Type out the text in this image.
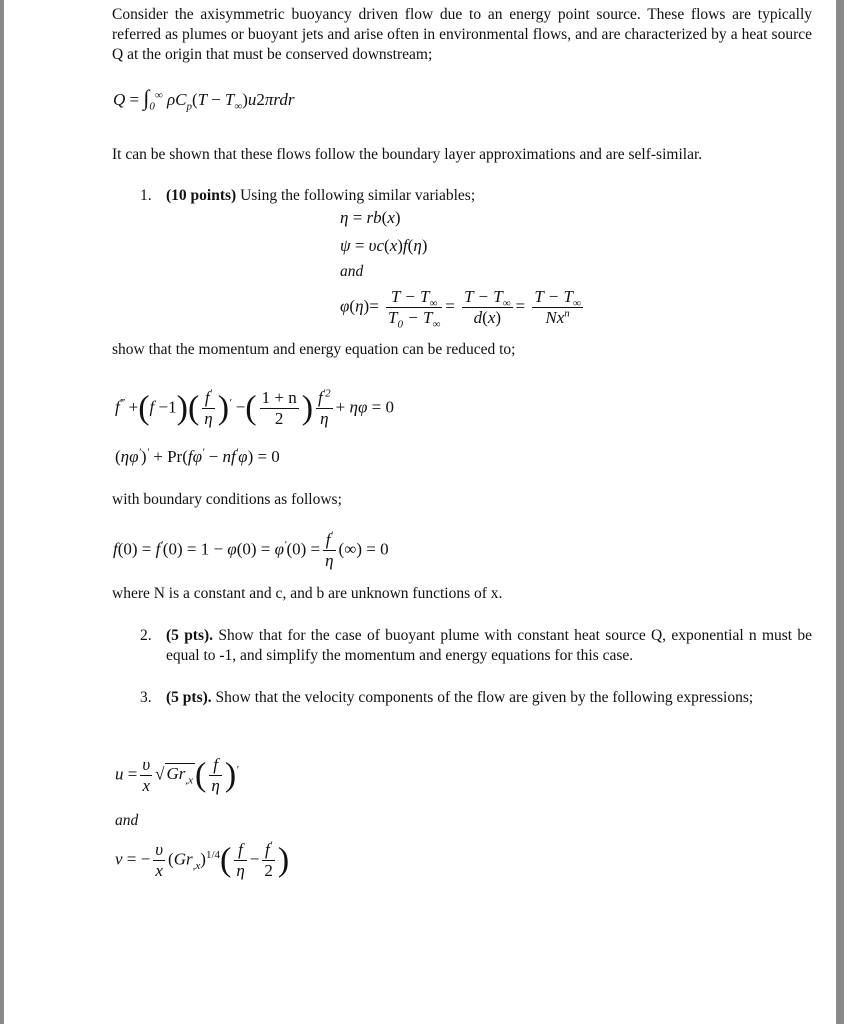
Consider the axisymmetric buoyancy driven flow due to an energy point source. These flows are typically referred as plumes or buoyant jets and arise often in environmental flows, and are characterized by a heat source Q at the origin that must be conserved downstream;
$Q = \int_0^\infty$ $\rho C_p(T - T_\infty)u2\pi rdr$
It can be shown that these flows follow the boundary layer approximations and are self-similar.
1. (10 points) Using the following similar variables;
η = rb(x)
ψ = υc(x)f(η)
and
$\varphi(\eta)= \frac{T - T_\infty}{T_0 - T_\infty} = \frac{T - T_\infty}{d(x)} = \frac{T - T_\infty}{Nx^n}$
show that the momentum and energy equation can be reduced to;
$f^‴ +(f -1)( \frac{f'}{\eta} )'$ −( $\frac{1 + n}{2}$ ) $\frac{f^{'2}}{\eta} + \eta\varphi = 0$
(ηφ′)′ + Pr(fφ′ − nf′φ) = 0
with boundary conditions as follows;
$f(0) = f'(0) = 1 - \varphi(0) = \varphi'(0) = \frac{f'}{\eta}$ (∞) = 0
where N is a constant and c, and b are unknown functions of x.
2. (5 pts). Show that for the case of buoyant plume with constant heat source Q, exponential n must be equal to -1, and simplify the momentum and energy equations for this case.
3. (5 pts). Show that the velocity components of the flow are given by the following expressions;
$u = \frac{\upsilon}{x}$ √ $Gr_{,x}( \frac{f}{\eta} )'$
and
v = − $\frac{\upsilon}{x} (Gr_{,x})^{1/4}( \frac{f}{\eta} - \frac{f'}{2}$ )
